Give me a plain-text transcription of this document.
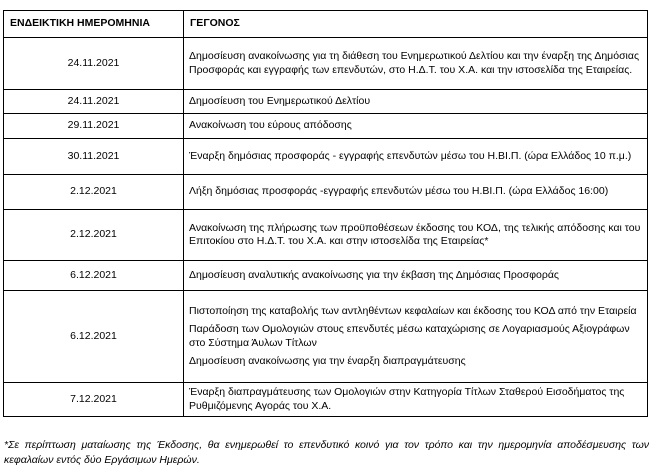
ΕΝΔΕΙΚΤΙΚΗ ΗΜΕΡΟΜΗΝΙΑ	ΓΕΓΟΝΟΣ
24.11.2021	Δημοσίευση ανακοίνωσης για τη διάθεση του Ενημερωτικού Δελτίου και την έναρξη της Δημόσιας Προσφοράς και εγγραφής των επενδυτών, στο Η.Δ.Τ. του Χ.Α. και την ιστοσελίδα της Εταιρείας.
24.11.2021	Δημοσίευση του Ενημερωτικού Δελτίου
29.11.2021	Ανακοίνωση του εύρους απόδοσης
30.11.2021	Έναρξη δημόσιας προσφοράς - εγγραφής επενδυτών μέσω του Η.ΒΙ.Π. (ώρα Ελλάδος 10 π.μ.)
2.12.2021	Λήξη δημόσιας προσφοράς -εγγραφής επενδυτών μέσω του Η.ΒΙ.Π. (ώρα Ελλάδος 16:00)
2.12.2021	Ανακοίνωση της πλήρωσης των προϋποθέσεων έκδοσης του ΚΟΔ, της τελικής απόδοσης και του Επιτοκίου στο Η.Δ.Τ. του Χ.Α. και στην ιστοσελίδα της Εταιρείας*
6.12.2021	Δημοσίευση αναλυτικής ανακοίνωσης για την έκβαση της Δημόσιας Προσφοράς
6.12.2021	Πιστοποίηση της καταβολής των αντληθέντων κεφαλαίων και έκδοσης του ΚΟΔ από την Εταιρεία
Παράδοση των Ομολογιών στους επενδυτές μέσω καταχώρισης σε Λογαριασμούς Αξιογράφων στο Σύστημα Άυλων Τίτλων
Δημοσίευση ανακοίνωσης για την έναρξη διαπραγμάτευσης

7.12.2021	Έναρξη διαπραγμάτευσης των Ομολογιών στην Κατηγορία Τίτλων Σταθερού Εισοδήματος της Ρυθμιζόμενης Αγοράς του Χ.Α.
*Σε περίπτωση ματαίωσης της Έκδοσης, θα ενημερωθεί το επενδυτικό κοινό για τον τρόπο και την ημερομηνία αποδέσμευσης των κεφαλαίων εντός δύο Εργάσιμων Ημερών.
